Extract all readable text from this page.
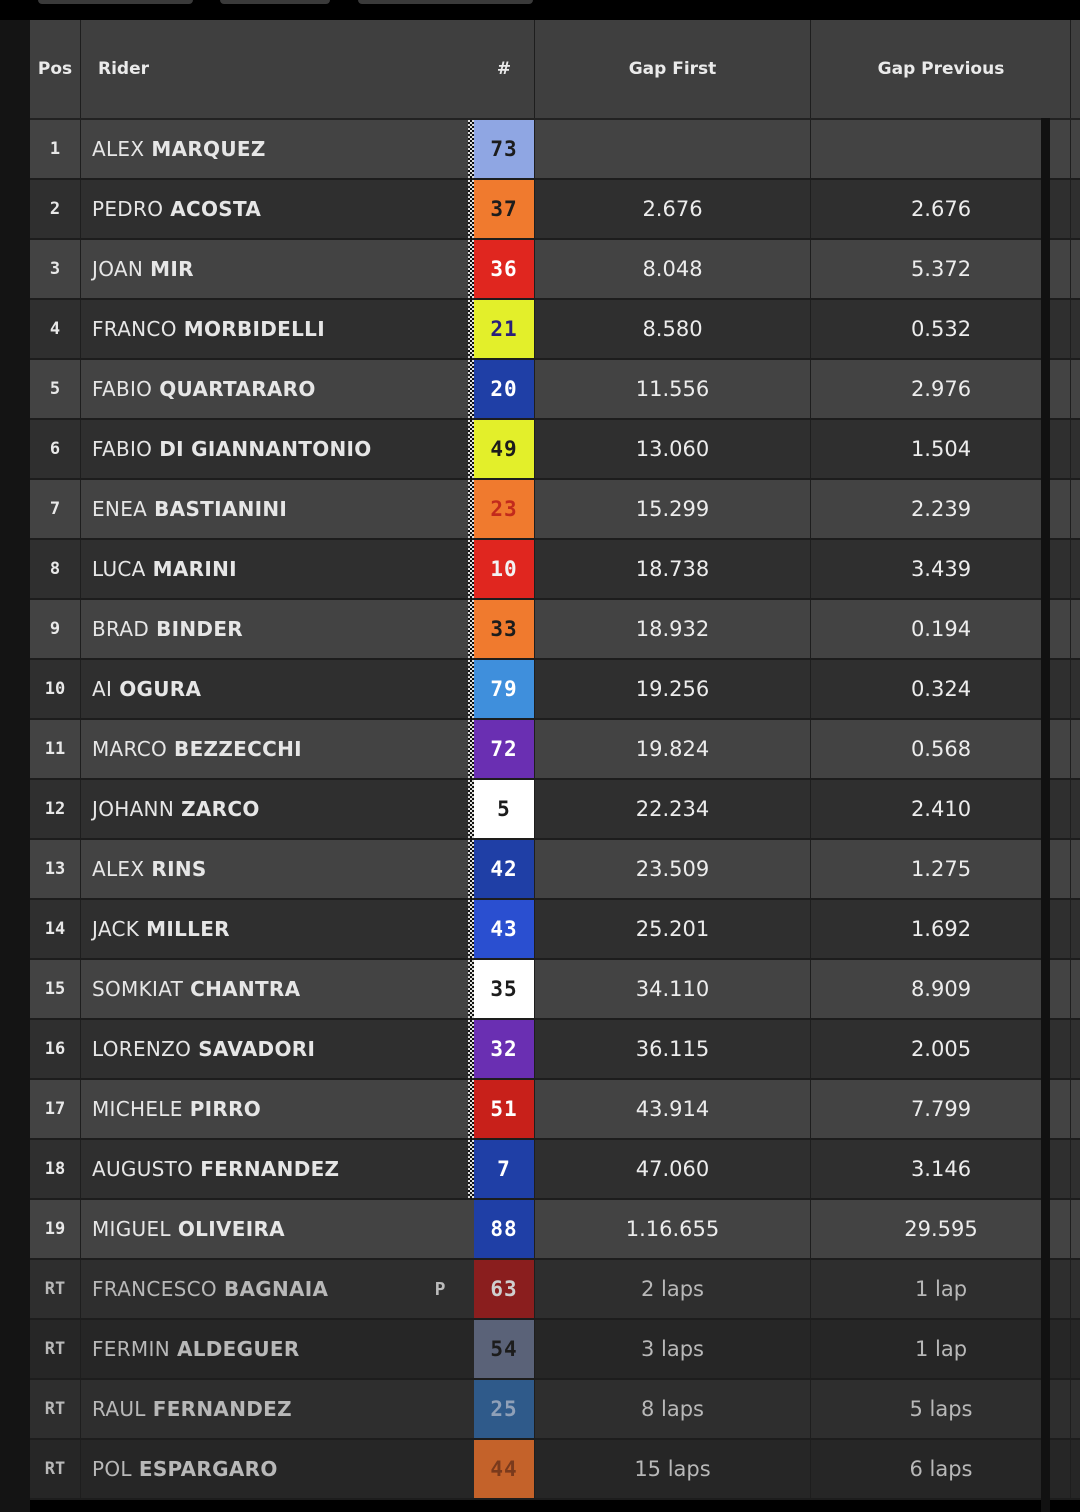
Pos	Rider	#	Gap First	Gap Previous
1	ALEX MARQUEZ	73
2	PEDRO ACOSTA	37	2.676	2.676
3	JOAN MIR	36	8.048	5.372
4	FRANCO MORBIDELLI	21	8.580	0.532
5	FABIO QUARTARARO	20	11.556	2.976
6	FABIO DI GIANNANTONIO	49	13.060	1.504
7	ENEA BASTIANINI	23	15.299	2.239
8	LUCA MARINI	10	18.738	3.439
9	BRAD BINDER	33	18.932	0.194
10	AI OGURA	79	19.256	0.324
11	MARCO BEZZECCHI	72	19.824	0.568
12	JOHANN ZARCO	5	22.234	2.410
13	ALEX RINS	42	23.509	1.275
14	JACK MILLER	43	25.201	1.692
15	SOMKIAT CHANTRA	35	34.110	8.909
16	LORENZO SAVADORI	32	36.115	2.005
17	MICHELE PIRRO	51	43.914	7.799
18	AUGUSTO FERNANDEZ	7	47.060	3.146
19	MIGUEL OLIVEIRA	88	1.16.655	29.595
RT	FRANCESCO BAGNAIA	P	63	2 laps	1 lap
RT	FERMIN ALDEGUER	54	3 laps	1 lap
RT	RAUL FERNANDEZ	25	8 laps	5 laps
RT	POL ESPARGARO	44	15 laps	6 laps
